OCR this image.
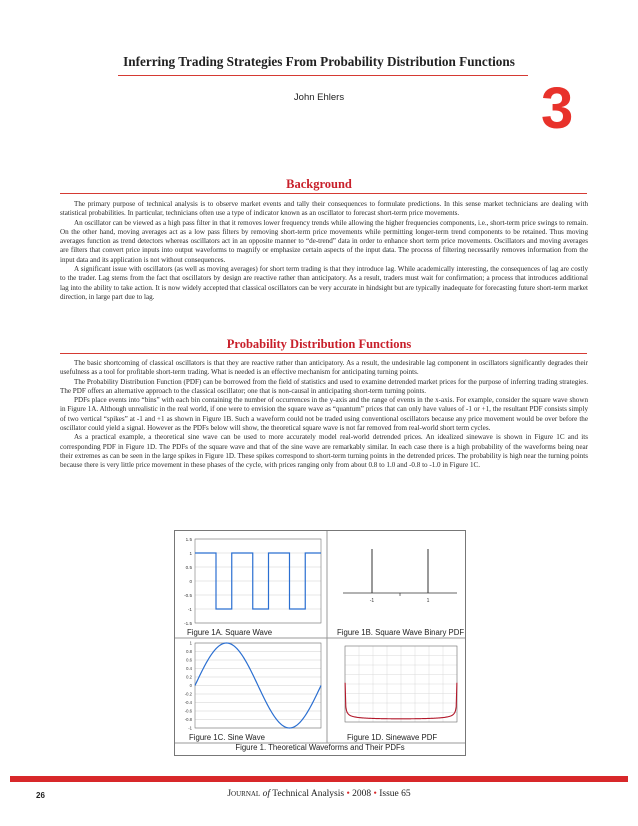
Inferring Trading Strategies From Probability Distribution Functions
John Ehlers	3
Background

The primary purpose of technical analysis is to observe market events and tally their consequences to formulate predictions. In this sense market technicians are dealing with statistical probabilities. In particular, technicians often use a type of indicator known as an oscillator to forecast short-term price movements.

An oscillator can be viewed as a high pass filter in that it removes lower frequency trends while allowing the higher frequencies components, i.e., short-term price swings to remain. On the other hand, moving averages act as a low pass filters by removing short-term price movements while permitting longer-term trend components to be retained. Thus moving averages function as trend detectors whereas oscillators act in an opposite manner to “de-trend” data in order to enhance short term price movements. Oscillators and moving averages are filters that convert price inputs into output waveforms to magnify or emphasize certain aspects of the input data. The process of filtering necessarily removes information from the input data and its application is not without consequences.

A significant issue with oscillators (as well as moving averages) for short term trading is that they introduce lag. While academically interesting, the consequences of lag are costly to the trader. Lag stems from the fact that oscillators by design are reactive rather than anticipatory. As a result, traders must wait for confirmation; a process that introduces additional lag into the ability to take action. It is now widely accepted that classical oscillators can be very accurate in hindsight but are typically inadequate for forecasting future short-term market direction, in large part due to lag.

Probability Distribution Functions

The basic shortcoming of classical oscillators is that they are reactive rather than anticipatory. As a result, the undesirable lag component in oscillators significantly degrades their usefulness as a tool for profitable short-term trading. What is needed is an effective mechanism for anticipating turning points.

The Probability Distribution Function (PDF) can be borrowed from the field of statistics and used to examine detrended market prices for the purpose of inferring trading strategies. The PDF offers an alternative approach to the classical oscillator; one that is non-causal in anticipating short-term turning points.

PDFs place events into “bins” with each bin containing the number of occurrences in the y-axis and the range of events in the x-axis. For example, consider the square wave shown in Figure 1A. Although unrealistic in the real world, if one were to envision the square wave as “quantum” prices that can only have values of -1 or +1, the resultant PDF consists simply of two vertical “spikes” at -1 and +1 as shown in Figure 1B. Such a waveform could not be traded using conventional oscillators because any price movement would be over before the oscillator could yield a signal. However as the PDFs below will show, the theoretical square wave is not far removed from real-world short term cycles.

As a practical example, a theoretical sine wave can be used to more accurately model real-world detrended prices. An idealized sinewave is shown in Figure 1C and its corresponding PDF in Figure 1D. The PDFs of the square wave and that of the sine wave are remarkably similar. In each case there is a high probability of the waveforms being near their extremes as can be seen in the large spikes in Figure 1D. These spikes correspond to short-term turning points in the detrended prices. The probability is high near the turning points because there is very little price movement in these phases of the cycle, with prices ranging only from about 0.8 to 1.0 and -0.8 to -1.0 in Figure 1C.

1.5
1
0.5
0
-0.5
-1
-1.5
Figure 1A. Square Wave
-1	1
Figure 1B. Square Wave Binary PDF
1
0.8
0.6
0.4
0.2
0
-0.2
-0.4
-0.6
-0.8
-1
Figure 1C. Sine Wave	Figure 1D. Sinewave PDF
Figure 1. Theoretical Waveforms and Their PDFs
26	Journal of Technical Analysis • 2008 • Issue 65
